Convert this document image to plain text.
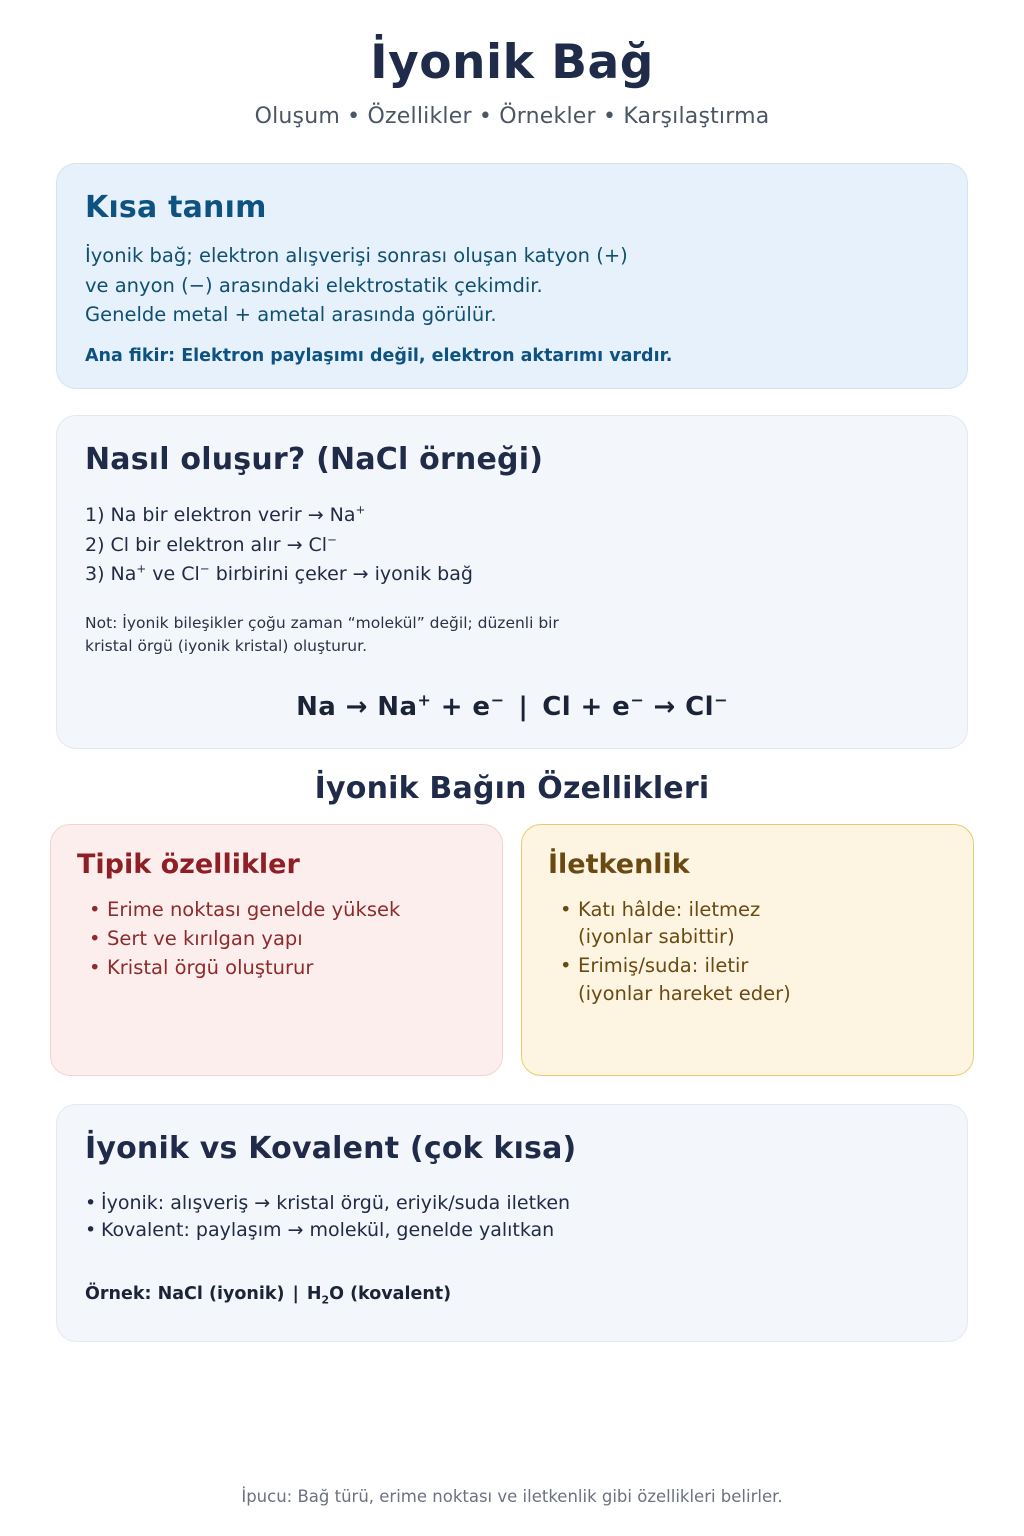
İyonik Bağ
Oluşum • Özellikler • Örnekler • Karşılaştırma
Kısa tanım
İyonik bağ; elektron alışverişi sonrası oluşan katyon (+)
ve anyon (−) arasındaki elektrostatik çekimdir.
Genelde metal + ametal arasında görülür.
Ana fikir: Elektron paylaşımı değil, elektron aktarımı vardır.
Nasıl oluşur? (NaCl örneği)
1) Na bir elektron verir → Na+
2) Cl bir elektron alır → Cl−
3) Na+ ve Cl− birbirini çeker → iyonik bağ
Not: İyonik bileşikler çoğu zaman “molekül” değil; düzenli bir
kristal örgü (iyonik kristal) oluşturur.
Na → Na+ + e− | Cl + e− → Cl−
İyonik Bağın Özellikleri
Tipik özellikler
• Erime noktası genelde yüksek
• Sert ve kırılgan yapı
• Kristal örgü oluşturur
İletkenlik
• Katı hâlde: iletmez
(iyonlar sabittir)
• Erimiş/suda: iletir
(iyonlar hareket eder)
İyonik vs Kovalent (çok kısa)
• İyonik: alışveriş → kristal örgü, eriyik/suda iletken
• Kovalent: paylaşım → molekül, genelde yalıtkan
Örnek: NaCl (iyonik) | $H_2O$ (kovalent)
İpucu: Bağ türü, erime noktası ve iletkenlik gibi özellikleri belirler.
